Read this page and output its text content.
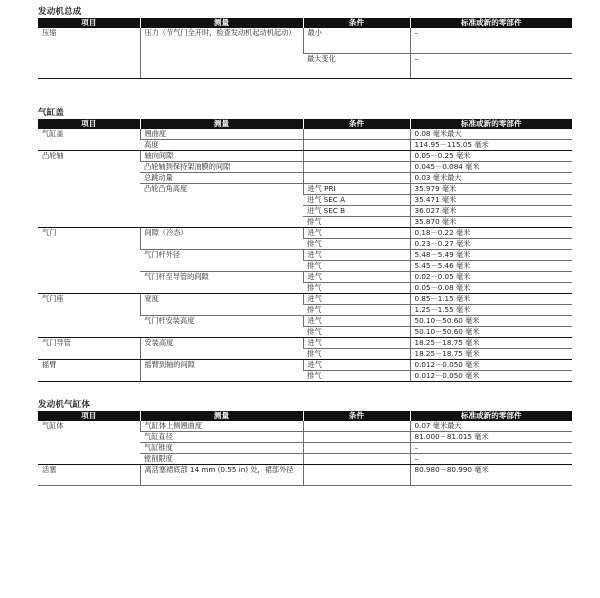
发动机总成
项目	测量	条件	标准或新的零部件
压缩	压力（节气门全开时，检查发动机起动机起动）	最小	–
		最大变化	–
气缸盖
项目	测量	条件	标准或新的零部件
气缸盖	翘曲度		0.08 毫米最大
	高度		114.95－115.05 毫米
凸轮轴	轴向间隙		0.05－0.25 毫米
	凸轮轴到保持架油膜的间隙		0.045－0.084 毫米
	总跳动量		0.03 毫米最大
	凸轮凸角高度	进气 PRI	35.979 毫米
		进气 SEC A	35.471 毫米
		进气 SEC B	36.027 毫米
		排气	35.870 毫米
气门	间隙（冷态）	进气	0.18－0.22 毫米
		排气	0.23－0.27 毫米
	气门杆外径	进气	5.48－5.49 毫米
		排气	5.45－5.46 毫米
	气门杆至导管的间隙	进气	0.02－0.05 毫米
		排气	0.05－0.08 毫米
气门座	宽度	进气	0.85－1.15 毫米
		排气	1.25－1.55 毫米
	气门杆安装高度	进气	50.10－50.60 毫米
		排气	50.10－50.60 毫米
气门导管	安装高度	进气	18.25－18.75 毫米
		排气	18.25－18.75 毫米
摇臂	摇臂到轴的间隙	进气	0.012－0.050 毫米
		排气	0.012－0.050 毫米
发动机气缸体
项目	测量	条件	标准或新的零部件
气缸体	气缸体上侧翘曲度		0.07 毫米最大
	气缸直径		81.000－81.015 毫米
	气缸锥度		–
	镗削限度		–
活塞	离活塞裙底部 14 mm (0.55 in) 处，裙部外径		80.980－80.990 毫米
